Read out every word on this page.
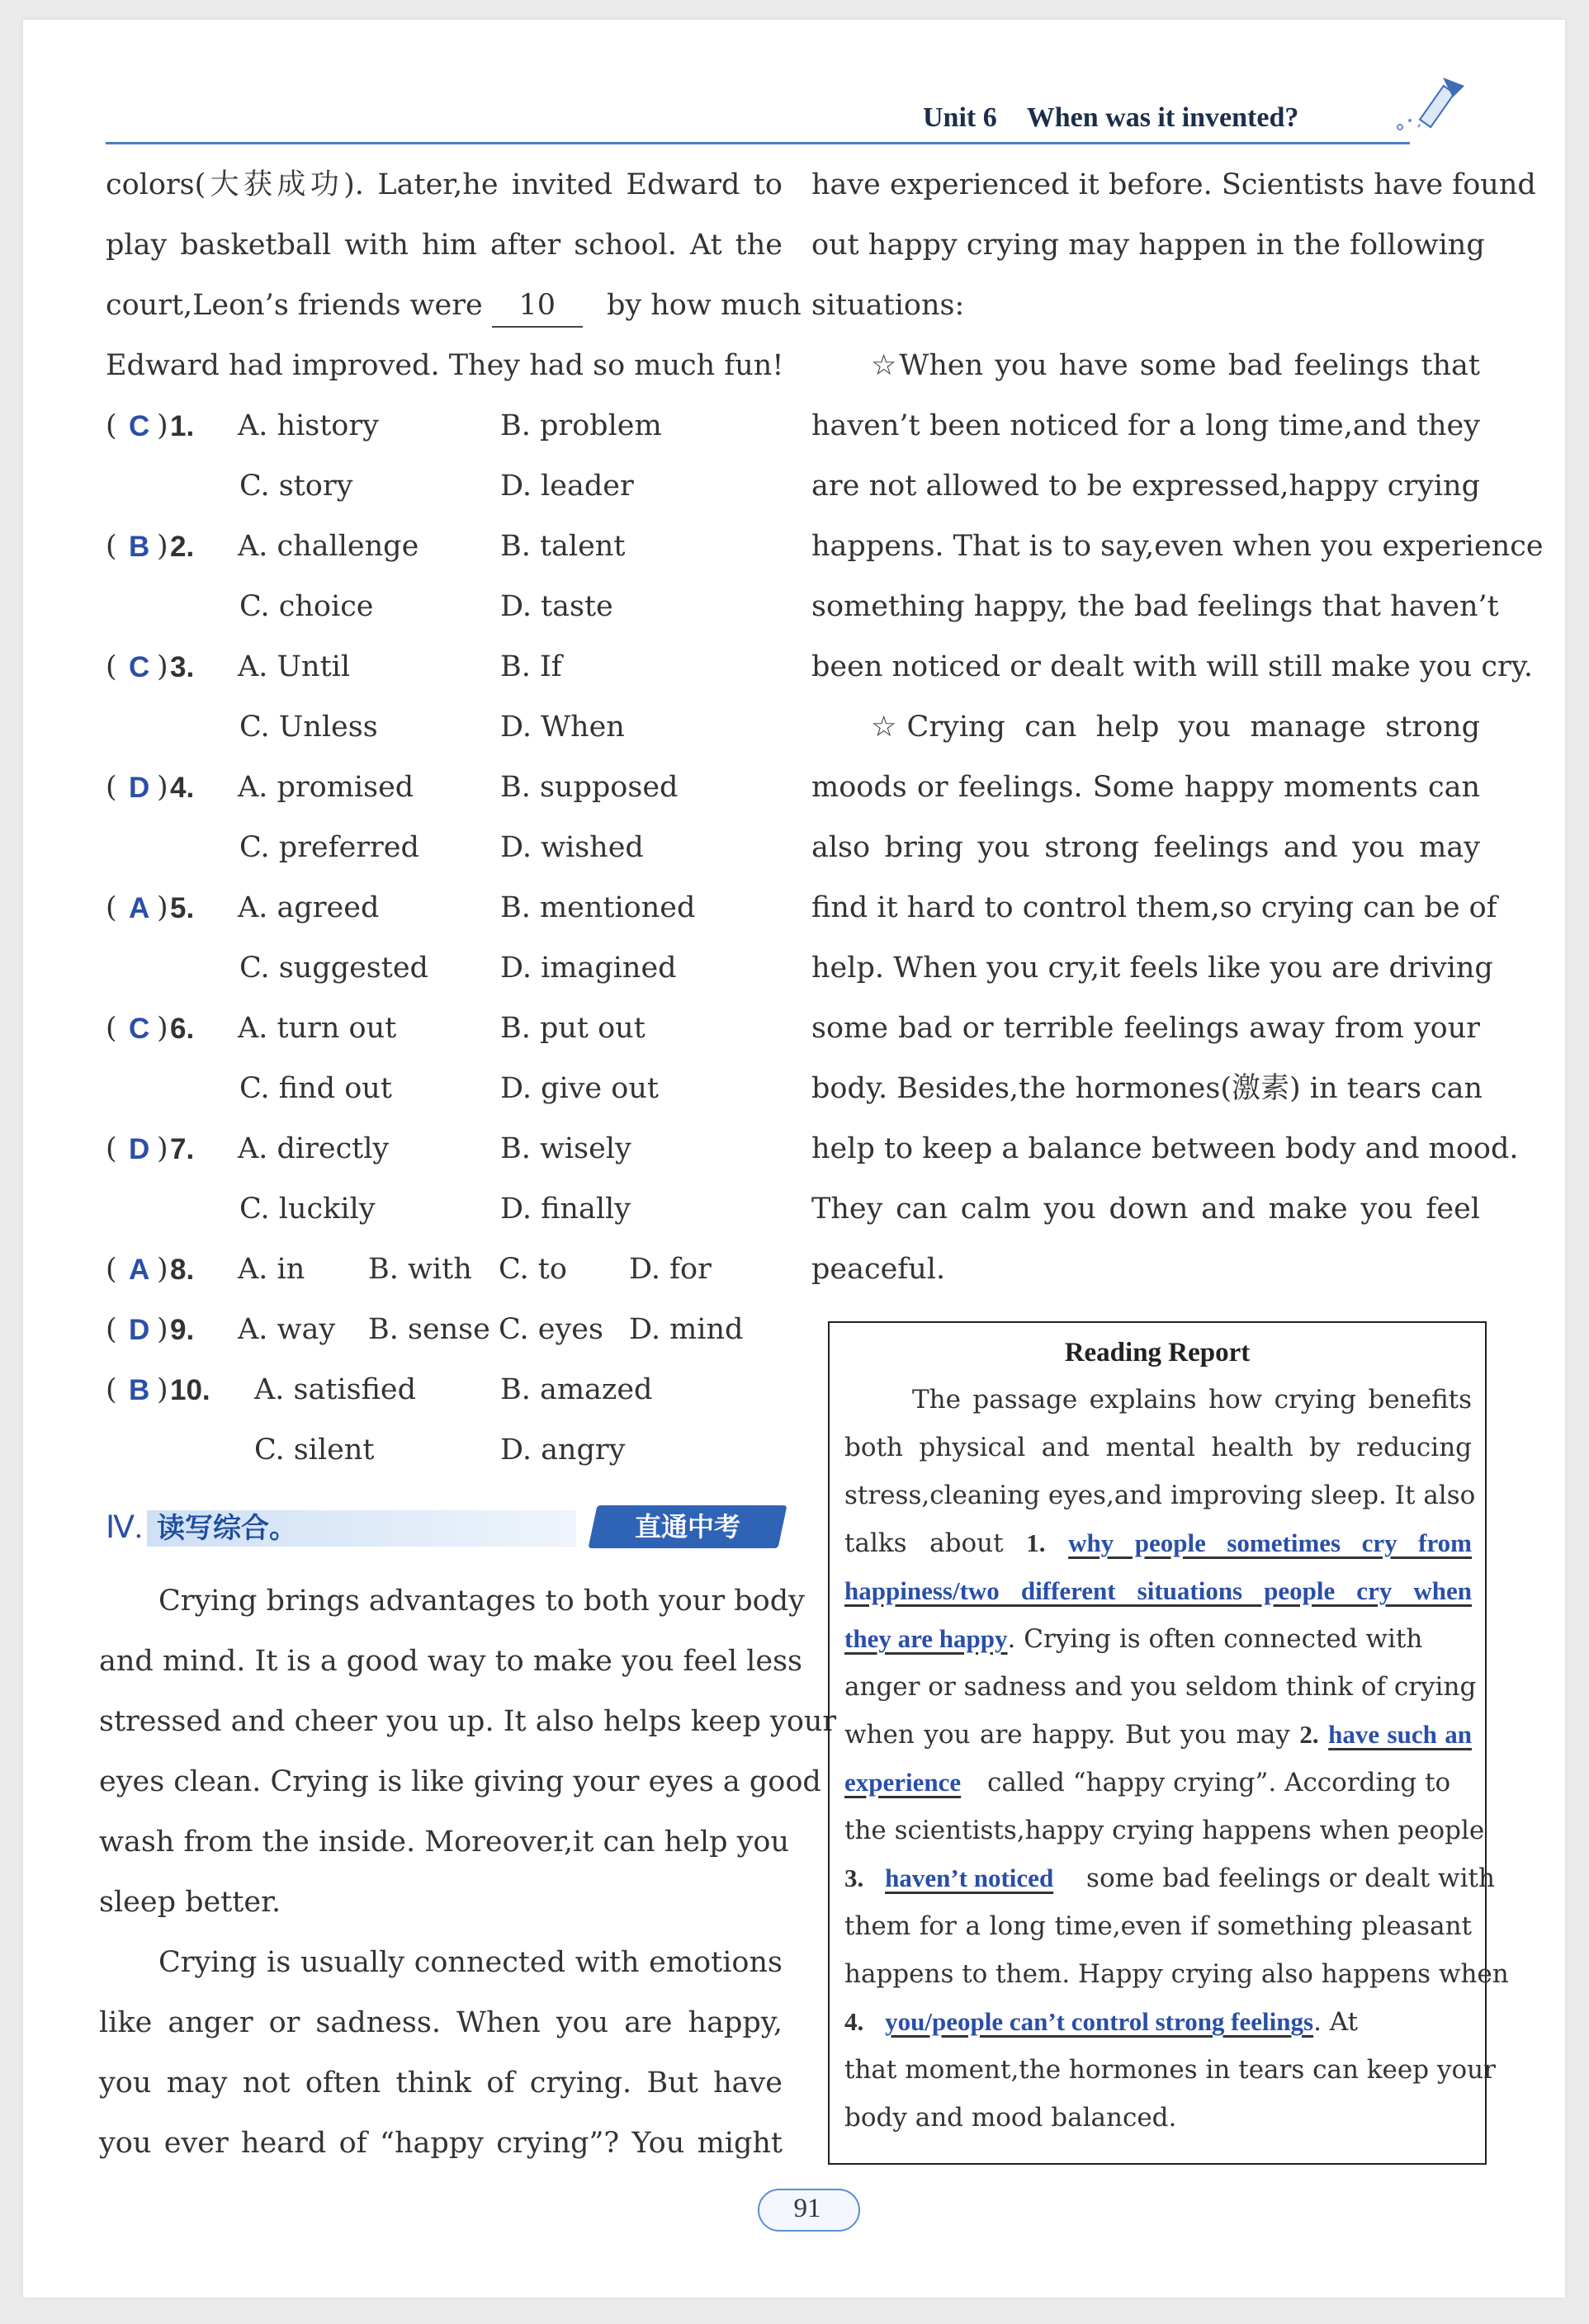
Unit 6 When was it invented?
colors(大获成功). Later,he invited Edward to
play basketball with him after school. At the
court,Leon’s friends were 10 by how much
Edward had improved. They had so much fun!
( C ) 1. A. history	B. problem
C. story	D. leader
( B ) 2. A. challenge	B. talent
C. choice	D. taste
( C ) 3. A. Until	B. If
C. Unless	D. When
( D ) 4. A. promised	B. supposed
C. preferred	D. wished
( A ) 5. A. agreed	B. mentioned
C. suggested D. imagined
( C ) 6. A. turn out	B. put out
C. find out	D. give out
( D ) 7. A. directly	B. wisely
C. luckily	D. finally
( A ) 8. A. in B. with C. to D. for
( D ) 9. A. way B. sense C. eyes D. mind
( B ) 10. A. satisfied	B. amazed
C. silent	D. angry
Ⅳ. 读写综合。	直通中考
Crying brings advantages to both your body
and mind. It is a good way to make you feel less
stressed and cheer you up. It also helps keep your
eyes clean. Crying is like giving your eyes a good
wash from the inside. Moreover,it can help you
sleep better.
Crying is usually connected with emotions
like anger or sadness. When you are happy,
you may not often think of crying. But have
you ever heard of “happy crying”? You might
have experienced it before. Scientists have found
out happy crying may happen in the following
situations:
☆When you have some bad feelings that
haven’t been noticed for a long time,and they
are not allowed to be expressed,happy crying
happens. That is to say,even when you experience
something happy, the bad feelings that haven’t
been noticed or dealt with will still make you cry.
☆Crying can help you manage strong
moods or feelings. Some happy moments can
also bring you strong feelings and you may
find it hard to control them,so crying can be of
help. When you cry,it feels like you are driving
some bad or terrible feelings away from your
body. Besides,the hormones(激素) in tears can
help to keep a balance between body and mood.
They can calm you down and make you feel
peaceful.
Reading Report
The passage explains how crying benefits
both physical and mental health by reducing
stress,cleaning eyes,and improving sleep. It also
talks about 1. why people sometimes cry from
happiness/two different situations people cry when
they are happy. Crying is often connected with
anger or sadness and you seldom think of crying
when you are happy. But you may 2. have such an
experience called “happy crying”. According to
the scientists,happy crying happens when people
3. haven’t noticed some bad feelings or dealt with
them for a long time,even if something pleasant
happens to them. Happy crying also happens when
4. you/people can’t control strong feelings. At
that moment,the hormones in tears can keep your
body and mood balanced.
91
